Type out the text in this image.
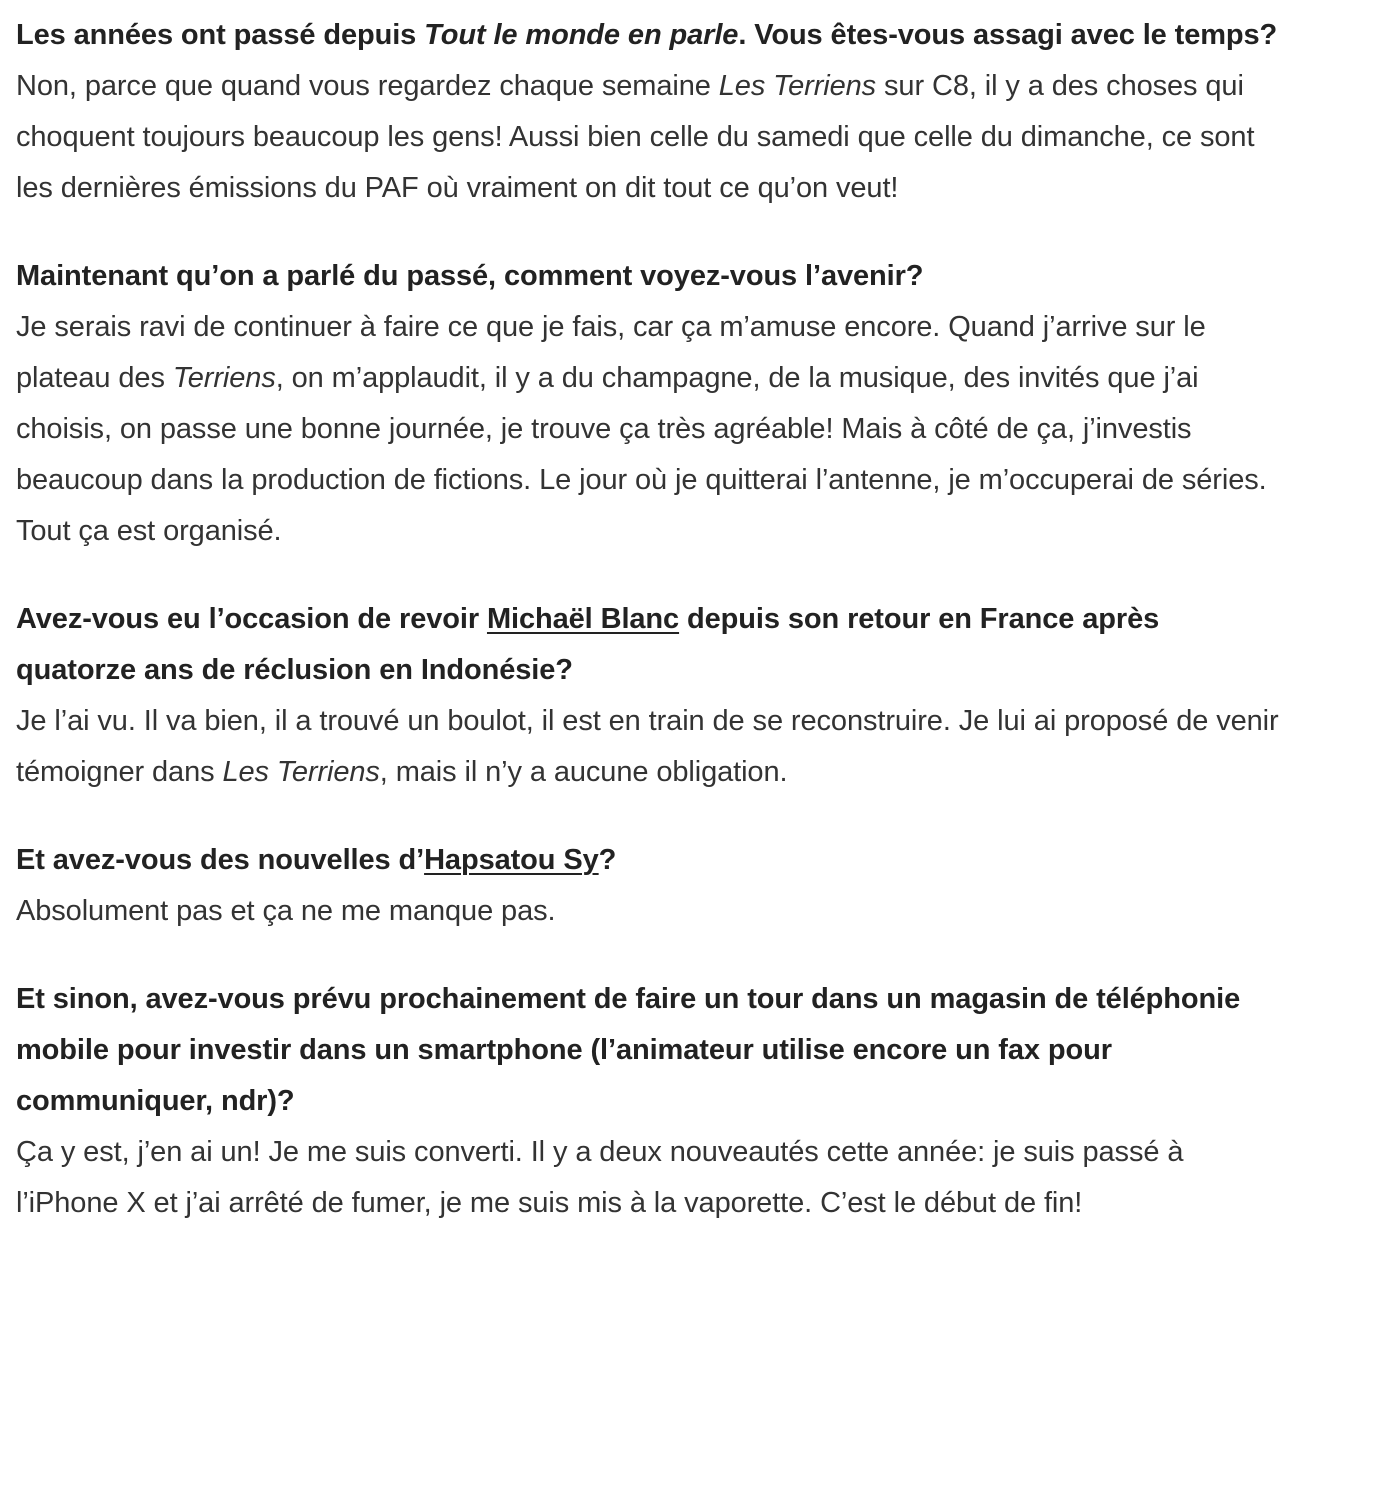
Les années ont passé depuis Tout le monde en parle. Vous êtes-vous assagi avec le temps?

Non, parce que quand vous regardez chaque semaine Les Terriens sur C8, il y a des choses qui choquent toujours beaucoup les gens! Aussi bien celle du samedi que celle du dimanche, ce sont les dernières émissions du PAF où vraiment on dit tout ce qu’on veut!

Maintenant qu’on a parlé du passé, comment voyez-vous l’avenir?

Je serais ravi de continuer à faire ce que je fais, car ça m’amuse encore. Quand j’arrive sur le plateau des Terriens, on m’applaudit, il y a du champagne, de la musique, des invités que j’ai choisis, on passe une bonne journée, je trouve ça très agréable! Mais à côté de ça, j’investis beaucoup dans la production de fictions. Le jour où je quitterai l’antenne, je m’occuperai de séries. Tout ça est organisé.

Avez-vous eu l’occasion de revoir Michaël Blanc depuis son retour en France après quatorze ans de réclusion en Indonésie?

Je l’ai vu. Il va bien, il a trouvé un boulot, il est en train de se reconstruire. Je lui ai proposé de venir témoigner dans Les Terriens, mais il n’y a aucune obligation.

Et avez-vous des nouvelles d’Hapsatou Sy?

Absolument pas et ça ne me manque pas.

Et sinon, avez-vous prévu prochainement de faire un tour dans un magasin de téléphonie mobile pour investir dans un smartphone (l’animateur utilise encore un fax pour communiquer, ndr)?

Ça y est, j’en ai un! Je me suis converti. Il y a deux nouveautés cette année: je suis passé à l’iPhone X et j’ai arrêté de fumer, je me suis mis à la vaporette. C’est le début de fin!
